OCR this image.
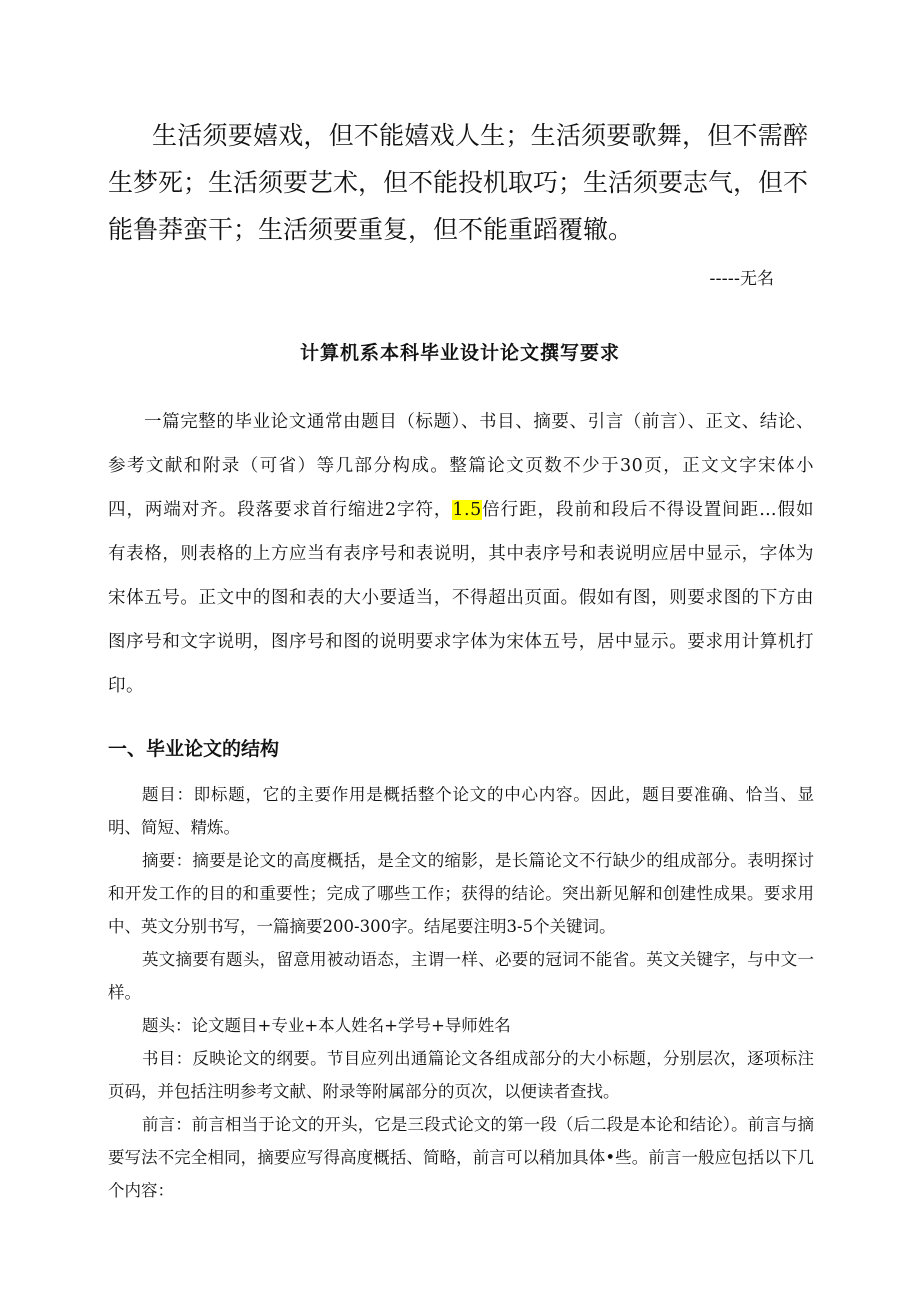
生活须要嬉戏，但不能嬉戏人生；生活须要歌舞，但不需醉生梦死；生活须要艺术，但不能投机取巧；生活须要志气，但不能鲁莽蛮干；生活须要重复，但不能重蹈覆辙。
-----无名
计算机系本科毕业设计论文撰写要求
一篇完整的毕业论文通常由题目（标题）、书目、摘要、引言（前言）、正文、结论、参考文献和附录（可省）等几部分构成。整篇论文页数不少于30页，正文文字宋体小四，两端对齐。段落要求首行缩进2字符，1.5倍行距，段前和段后不得设置间距…假如有表格，则表格的上方应当有表序号和表说明，其中表序号和表说明应居中显示，字体为宋体五号。正文中的图和表的大小要适当，不得超出页面。假如有图，则要求图的下方由图序号和文字说明，图序号和图的说明要求字体为宋体五号，居中显示。要求用计算机打印。
一、毕业论文的结构

题目：即标题，它的主要作用是概括整个论文的中心内容。因此，题目要准确、恰当、显明、简短、精炼。

摘要：摘要是论文的高度概括，是全文的缩影，是长篇论文不行缺少的组成部分。表明探讨和开发工作的目的和重要性；完成了哪些工作；获得的结论。突出新见解和创建性成果。要求用中、英文分别书写，一篇摘要200-300字。结尾要注明3-5个关键词。

英文摘要有题头，留意用被动语态，主谓一样、必要的冠词不能省。英文关键字，与中文一样。

题头：论文题目+专业+本人姓名+学号+导师姓名

书目：反映论文的纲要。节目应列出通篇论文各组成部分的大小标题，分别层次，逐项标注页码，并包括注明参考文献、附录等附属部分的页次，以便读者查找。

前言：前言相当于论文的开头，它是三段式论文的第一段（后二段是本论和结论）。前言与摘要写法不完全相同，摘要应写得高度概括、简略，前言可以稍加具体•些。前言一般应包括以下几个内容：
